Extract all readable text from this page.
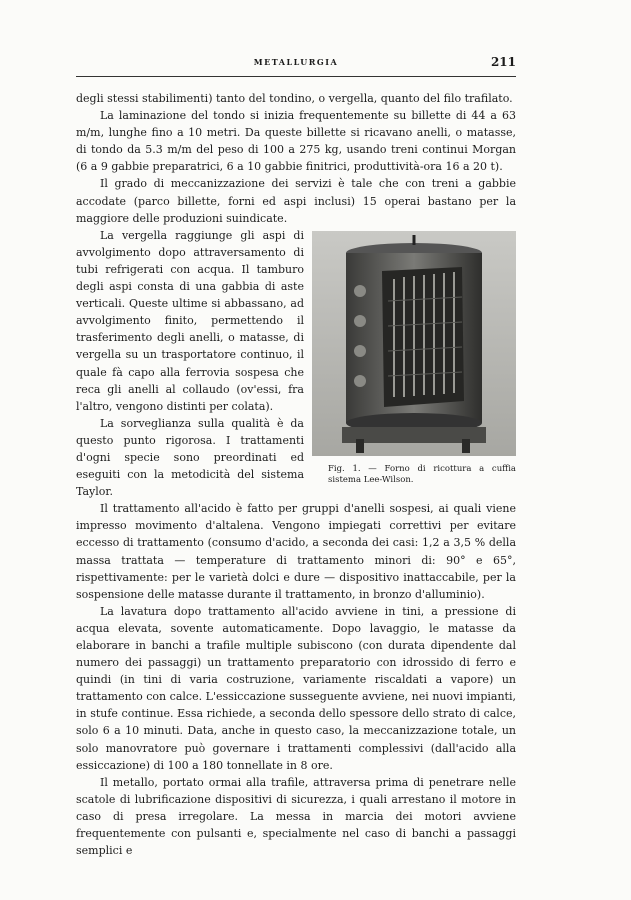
METALLURGIA	211

degli stessi stabilimenti) tanto del tondino, o vergella, quanto del filo trafilato.

La laminazione del tondo si inizia frequentemente su billette di 44 a 63 m/m, lunghe fino a 10 metri. Da queste billette si ricavano anelli, o matasse, di tondo da 5.3 m/m del peso di 100 a 275 kg, usando treni continui Morgan (6 a 9 gabbie preparatrici, 6 a 10 gabbie finitrici, produttività-ora 16 a 20 t).

Il grado di meccanizzazione dei servizi è tale che con treni a gabbie accodate (parco billette, forni ed aspi inclusi) 15 operai bastano per la maggiore delle produzioni suindicate.

Fig. 1. — Forno di ricottura a cuffia sistema Lee-Wilson.

La vergella raggiunge gli aspi di avvolgimento dopo attraversamento di tubi refrigerati con acqua. Il tamburo degli aspi consta di una gabbia di aste verticali. Queste ultime si abbassano, ad avvolgimento finito, permettendo il trasferimento degli anelli, o matasse, di vergella su un trasportatore continuo, il quale fà capo alla ferrovia sospesa che reca gli anelli al collaudo (ov'essi, fra l'altro, vengono distinti per colata).

La sorveglianza sulla qualità è da questo punto rigorosa. I trattamenti d'ogni specie sono preordinati ed eseguiti con la metodicità del sistema Taylor.

Il trattamento all'acido è fatto per gruppi d'anelli sospesi, ai quali viene impresso movimento d'altalena. Vengono impiegati correttivi per evitare eccesso di trattamento (consumo d'acido, a seconda dei casi: 1,2 a 3,5 % della massa trattata — temperature di trattamento minori di: 90° e 65°, rispettivamente: per le varietà dolci e dure — dispositivo inattaccabile, per la sospensione delle matasse durante il trattamento, in bronzo d'alluminio).

La lavatura dopo trattamento all'acido avviene in tini, a pressione di acqua elevata, sovente automaticamente. Dopo lavaggio, le matasse da elaborare in banchi a trafile multiple subiscono (con durata dipendente dal numero dei passaggi) un trattamento preparatorio con idrossido di ferro e quindi (in tini di varia costruzione, variamente riscaldati a vapore) un trattamento con calce. L'essiccazione susseguente avviene, nei nuovi impianti, in stufe continue. Essa richiede, a seconda dello spessore dello strato di calce, solo 6 a 10 minuti. Data, anche in questo caso, la meccanizzazione totale, un solo manovratore può governare i trattamenti complessivi (dall'acido alla essiccazione) di 100 a 180 tonnellate in 8 ore.

Il metallo, portato ormai alla trafile, attraversa prima di penetrare nelle scatole di lubrificazione dispositivi di sicurezza, i quali arrestano il motore in caso di presa irregolare. La messa in marcia dei motori avviene frequentemente con pulsanti e, specialmente nel caso di banchi a passaggi semplici e
